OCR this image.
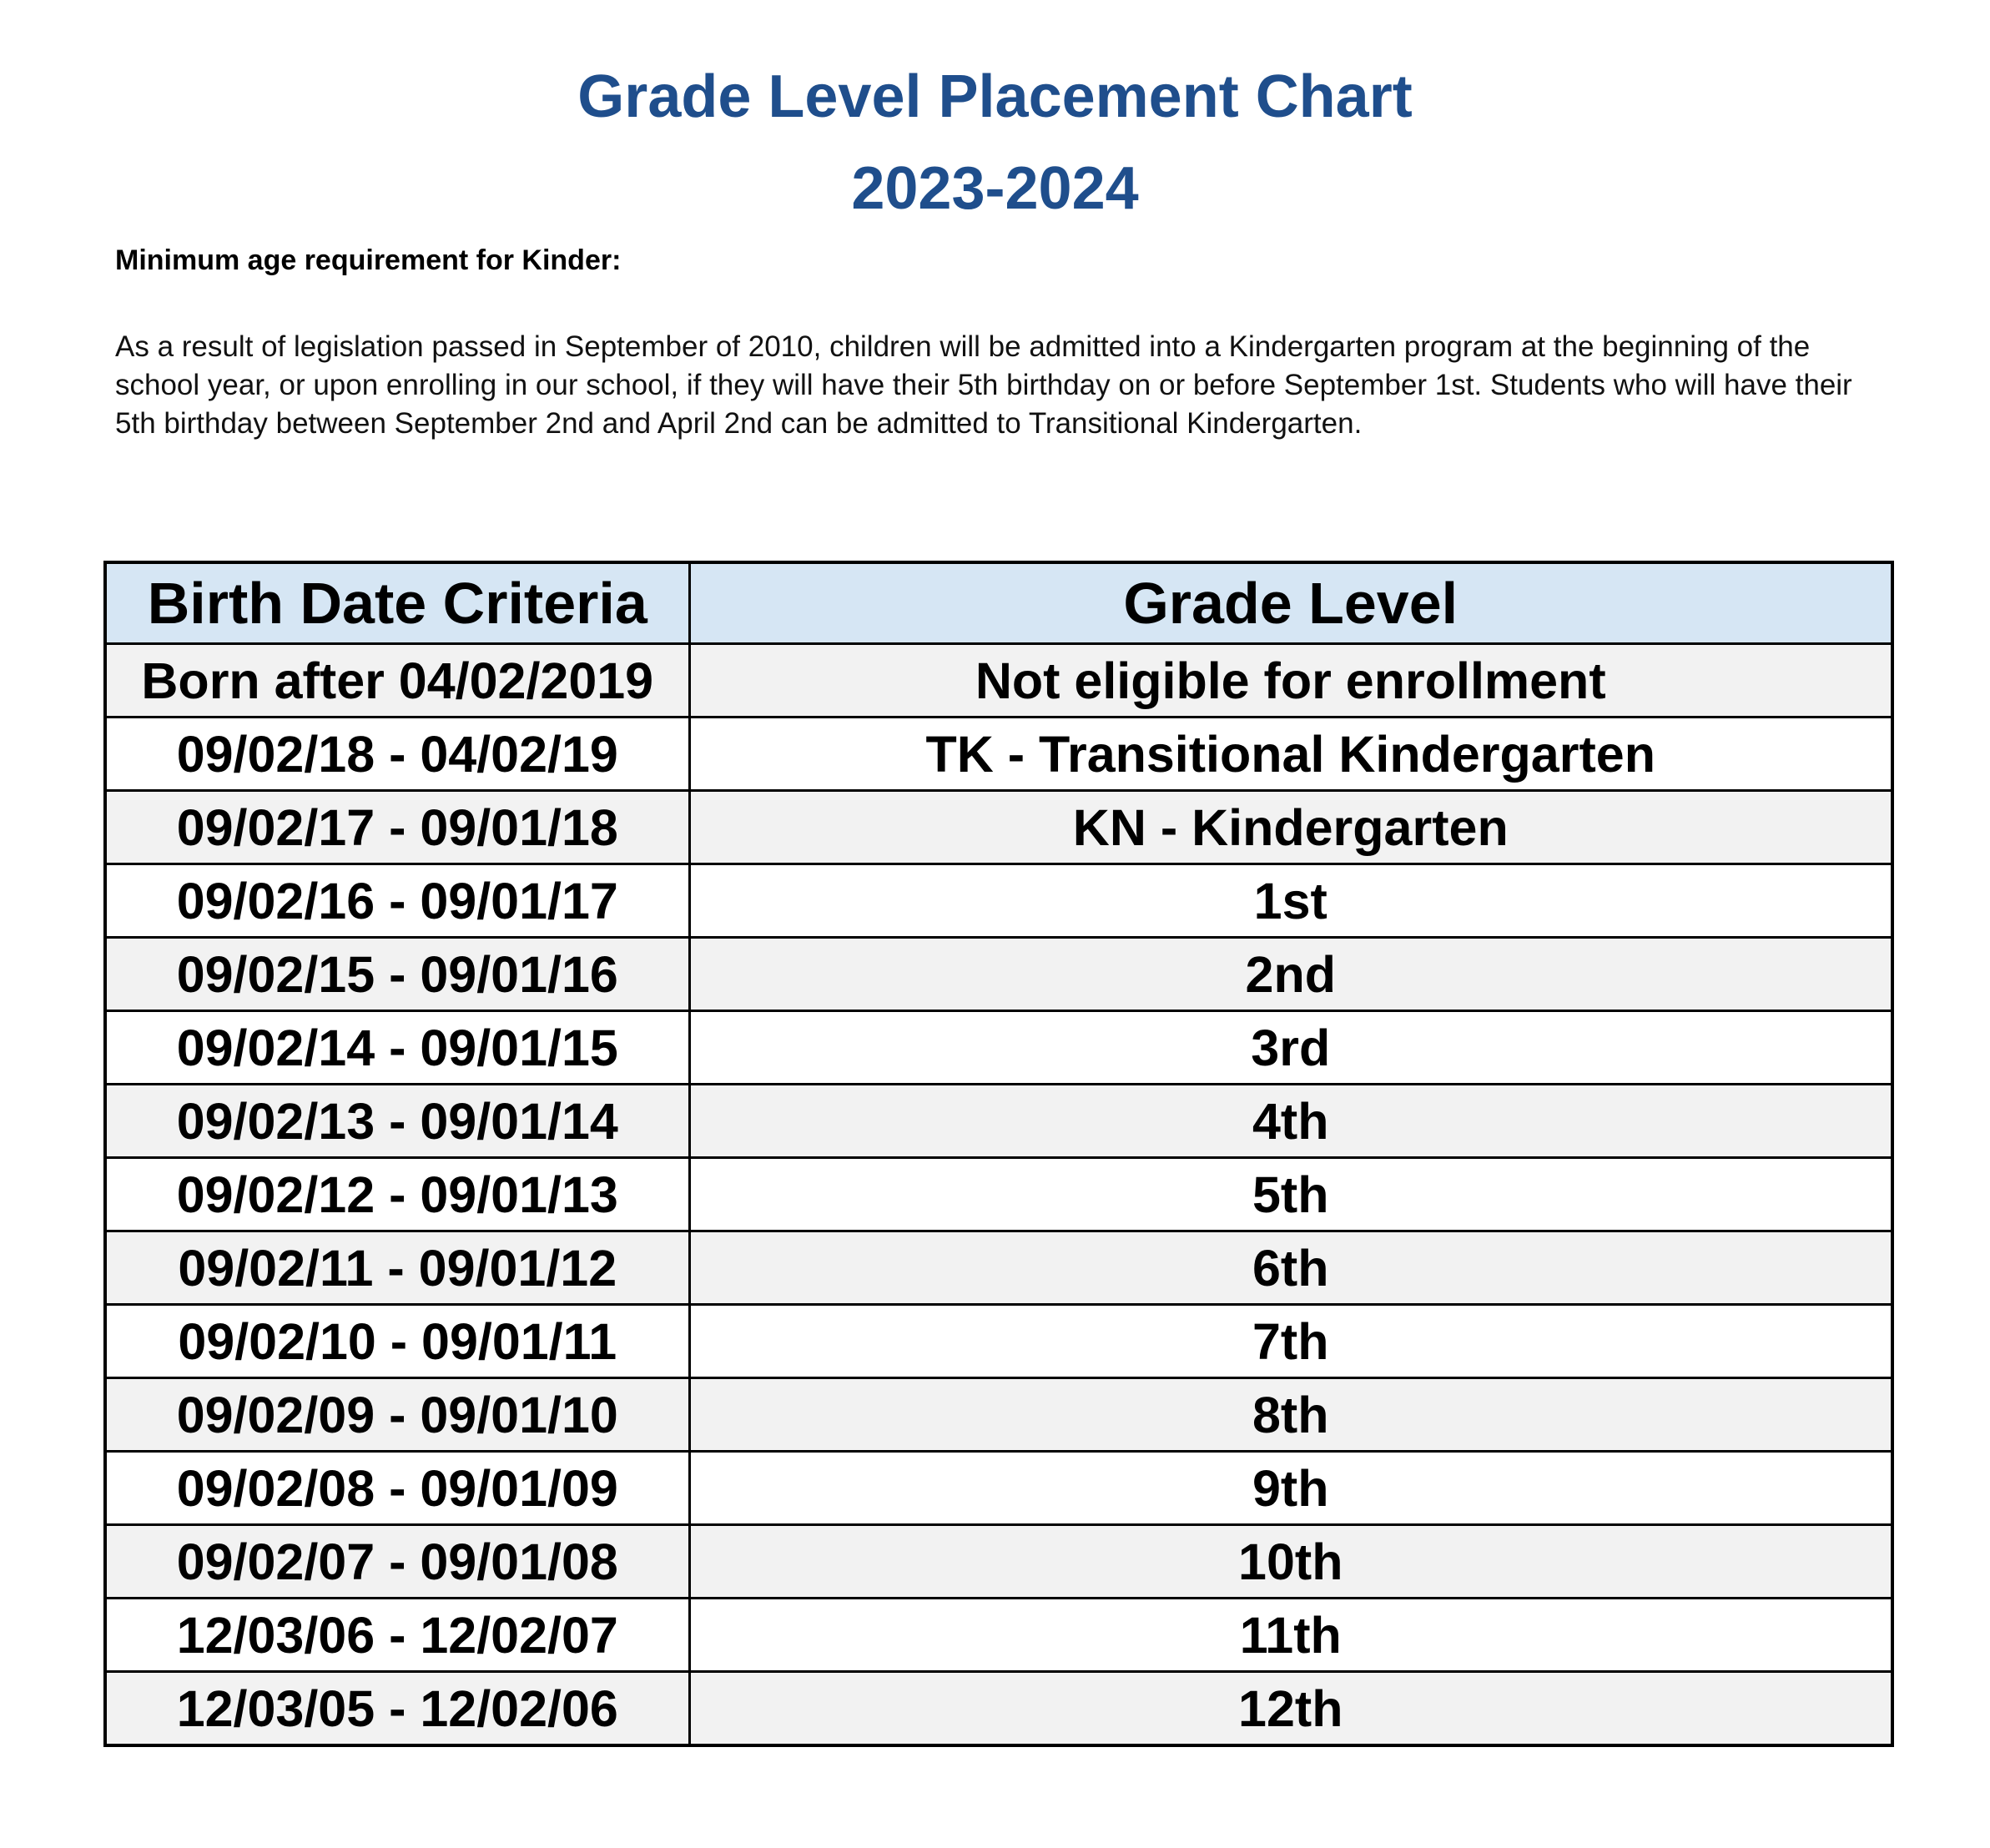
Grade Level Placement Chart
2023-2024

Minimum age requirement for Kinder:

As a result of legislation passed in September of 2010, children will be admitted into a Kindergarten program at the beginning of the school year, or upon enrolling in our school, if they will have their 5th birthday on or before September 1st. Students who will have their 5th birthday between September 2nd and April 2nd can be admitted to Transitional Kindergarten.

Birth Date Criteria	Grade Level
Born after 04/02/2019	Not eligible for enrollment
09/02/18 - 04/02/19	TK - Transitional Kindergarten
09/02/17 - 09/01/18	KN - Kindergarten
09/02/16 - 09/01/17	1st
09/02/15 - 09/01/16	2nd
09/02/14 - 09/01/15	3rd
09/02/13 - 09/01/14	4th
09/02/12 - 09/01/13	5th
09/02/11 - 09/01/12	6th
09/02/10 - 09/01/11	7th
09/02/09 - 09/01/10	8th
09/02/08 - 09/01/09	9th
09/02/07 - 09/01/08	10th
12/03/06 - 12/02/07	11th
12/03/05 - 12/02/06	12th
